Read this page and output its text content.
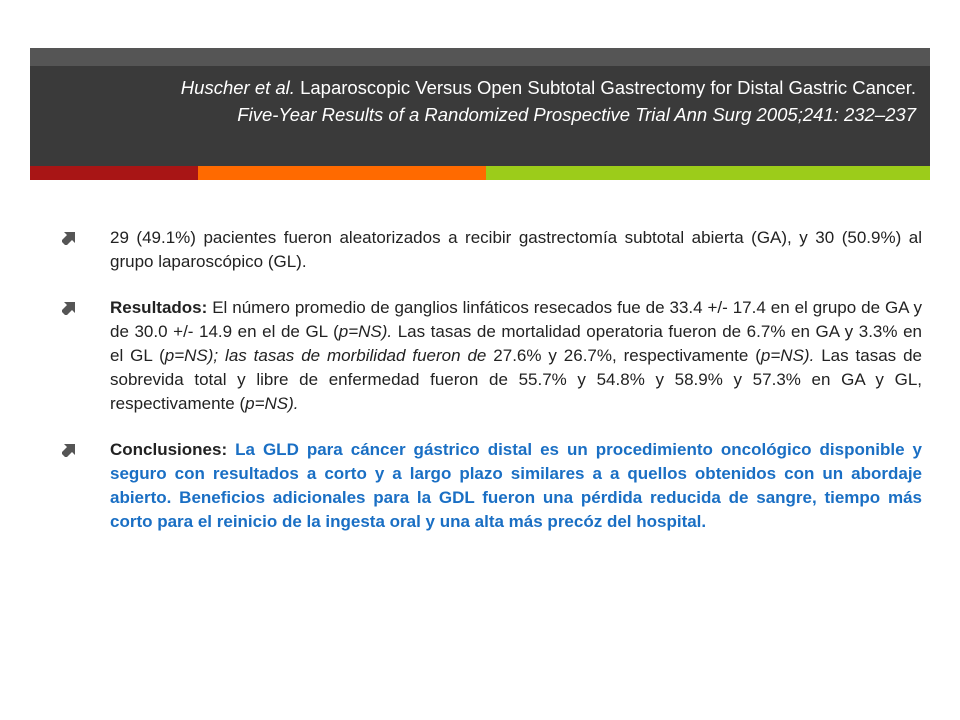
Huscher et al. Laparoscopic Versus Open Subtotal Gastrectomy for Distal Gastric Cancer.
Five-Year Results of a Randomized Prospective Trial Ann Surg 2005;241: 232–237
29 (49.1%) pacientes fueron aleatorizados a recibir gastrectomía subtotal abierta (GA), y 30 (50.9%) al grupo laparoscópico (GL).
Resultados: El número promedio de ganglios linfáticos resecados fue de 33.4 +/- 17.4 en el grupo de GA y de 30.0 +/- 14.9 en el de GL (p=NS). Las tasas de mortalidad operatoria fueron de 6.7% en GA y 3.3% en el GL (p=NS); las tasas de morbilidad fueron de 27.6% y 26.7%, respectivamente (p=NS). Las tasas de sobrevida total y libre de enfermedad fueron de 55.7% y 54.8% y 58.9% y 57.3% en GA y GL, respectivamente (p=NS).
Conclusiones: La GLD para cáncer gástrico distal es un procedimiento oncológico disponible y seguro con resultados a corto y a largo plazo similares a a quellos obtenidos con un abordaje abierto. Beneficios adicionales para la GDL fueron una pérdida reducida de sangre, tiempo más corto para el reinicio de la ingesta oral y una alta más precóz del hospital.
